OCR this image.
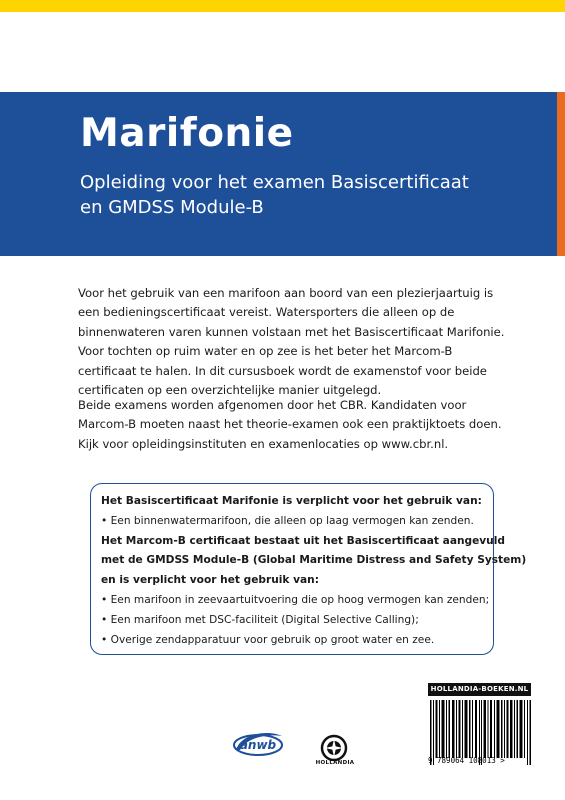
Marifonie
Opleiding voor het examen Basiscertificaat
en GMDSS Module-B

Voor het gebruik van een marifoon aan boord van een plezierjaartuig is een bedieningscertificaat vereist. Watersporters die alleen op de binnenwateren varen kunnen volstaan met het Basiscertificaat Marifonie. Voor tochten op ruim water en op zee is het beter het Marcom-B certificaat te halen. In dit cursusboek wordt de examenstof voor beide certificaten op een overzichtelijke manier uitgelegd.

Beide examens worden afgenomen door het CBR. Kandidaten voor Marcom-B moeten naast het theorie-examen ook een praktijktoets doen. Kijk voor opleidingsinstituten en examenlocaties op www.cbr.nl.

Het Basiscertificaat Marifonie is verplicht voor het gebruik van:
• Een binnenwatermarifoon, die alleen op laag vermogen kan zenden.
Het Marcom-B certificaat bestaat uit het Basiscertificaat aangevuld
met de GMDSS Module-B (Global Maritime Distress and Safety System)
en is verplicht voor het gebruik van:
• Een marifoon in zeevaartuitvoering die op hoog vermogen kan zenden;
• Een marifoon met DSC-faciliteit (Digital Selective Calling);
• Overige zendapparatuur voor gebruik op groot water en zee.
HOLLANDIA-BOEKEN.NL
9 789064 108013 >
anwb
HOLLANDIA
